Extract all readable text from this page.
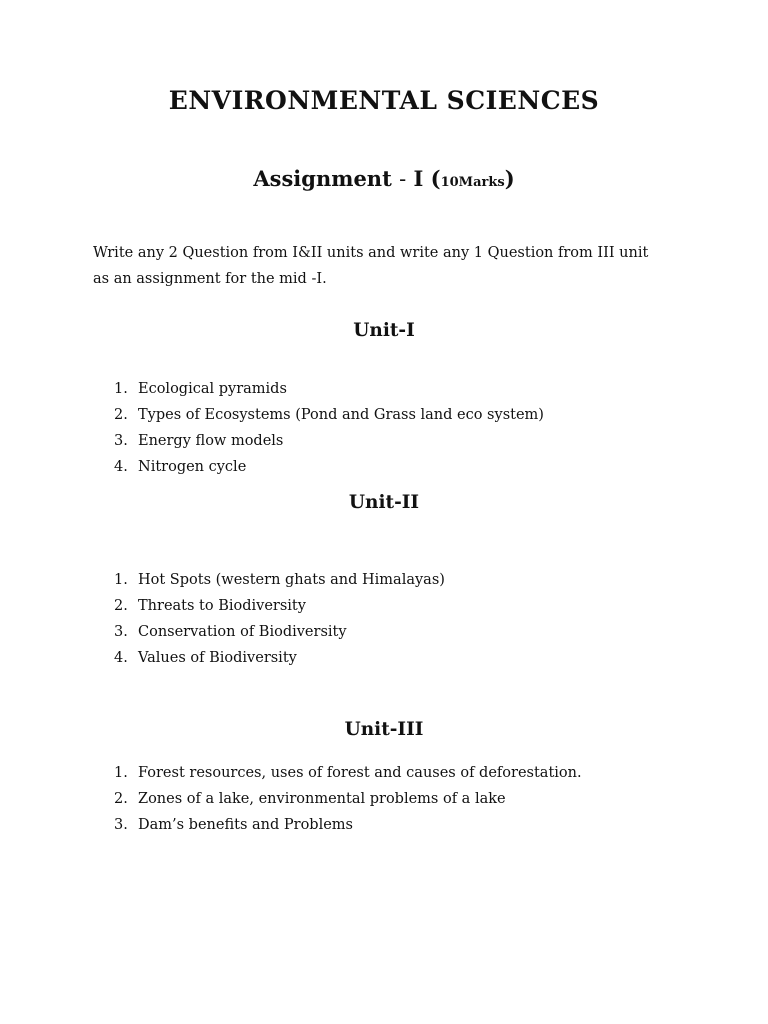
ENVIRONMENTAL SCIENCES
Assignment - I (10Marks)
Write any 2 Question from I&II units and write any 1 Question from III unit
as an assignment for the mid -I.
Unit-I
1. Ecological pyramids
2. Types of Ecosystems (Pond and Grass land eco system)
3. Energy flow models
4. Nitrogen cycle
Unit-II
1. Hot Spots (western ghats and Himalayas)
2. Threats to Biodiversity
3. Conservation of Biodiversity
4. Values of Biodiversity
Unit-III
1. Forest resources, uses of forest and causes of deforestation.
2. Zones of a lake, environmental problems of a lake
3. Dam’s benefits and Problems
